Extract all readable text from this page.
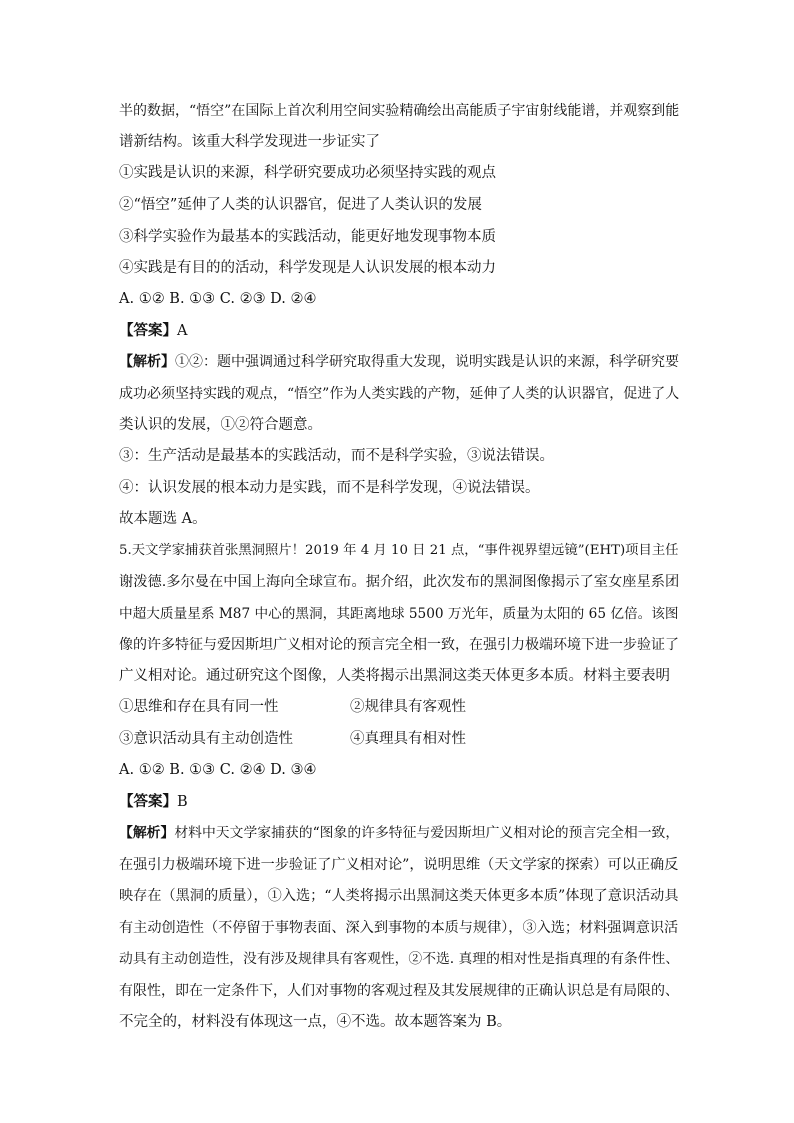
半的数据，“悟空”在国际上首次利用空间实验精确绘出高能质子宇宙射线能谱，并观察到能
谱新结构。该重大科学发现进一步证实了
①实践是认识的来源，科学研究要成功必须坚持实践的观点
②“悟空”延伸了人类的认识器官，促进了人类认识的发展
③科学实验作为最基本的实践活动，能更好地发现事物本质
④实践是有目的的活动，科学发现是人认识发展的根本动力
A. ①② B. ①③ C. ②③ D. ②④
【答案】A
【解析】①②：题中强调通过科学研究取得重大发现，说明实践是认识的来源，科学研究要
成功必须坚持实践的观点，“悟空”作为人类实践的产物，延伸了人类的认识器官，促进了人
类认识的发展，①②符合题意。
③：生产活动是最基本的实践活动，而不是科学实验，③说法错误。
④：认识发展的根本动力是实践，而不是科学发现，④说法错误。
故本题选 A。
5.天文学家捕获首张黑洞照片！2019 年 4 月 10 日 21 点，“事件视界望远镜”(EHT)项目主任
谢泼德.多尔曼在中国上海向全球宣布。据介绍，此次发布的黑洞图像揭示了室女座星系团
中超大质量星系 M87 中心的黑洞，其距离地球 5500 万光年，质量为太阳的 65 亿倍。该图
像的许多特征与爱因斯坦广义相对论的预言完全相一致，在强引力极端环境下进一步验证了
广义相对论。通过研究这个图像，人类将揭示出黑洞这类天体更多本质。材料主要表明
①思维和存在具有同一性	②规律具有客观性
③意识活动具有主动创造性	④真理具有相对性
A. ①② B. ①③ C. ②④ D. ③④
【答案】B
【解析】材料中天文学家捕获的“图象的许多特征与爱因斯坦广义相对论的预言完全相一致，
在强引力极端环境下进一步验证了广义相对论”，说明思维（天文学家的探索）可以正确反
映存在（黑洞的质量），①入选；“人类将揭示出黑洞这类天体更多本质”体现了意识活动具
有主动创造性（不停留于事物表面、深入到事物的本质与规律），③入选；材料强调意识活
动具有主动创造性，没有涉及规律具有客观性，②不选. 真理的相对性是指真理的有条件性、
有限性，即在一定条件下，人们对事物的客观过程及其发展规律的正确认识总是有局限的、
不完全的，材料没有体现这一点，④不选。故本题答案为 B。
